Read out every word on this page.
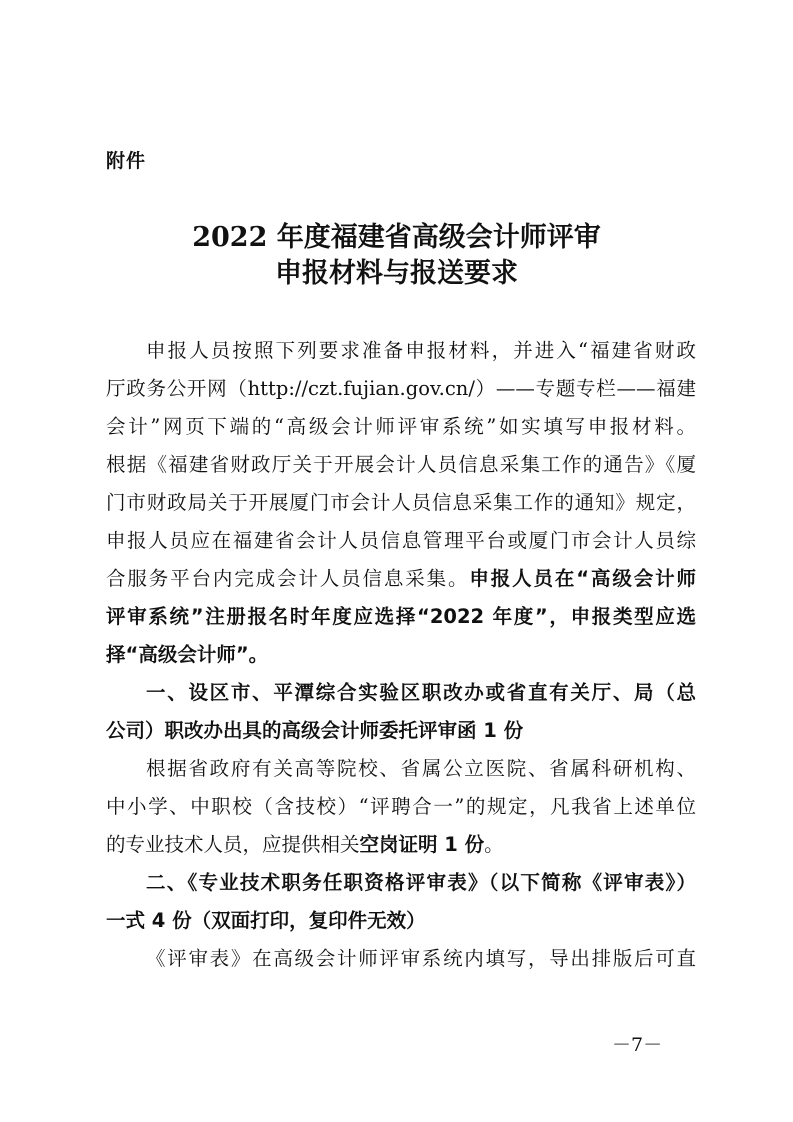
附件
2022 年度福建省高级会计师评审
申报材料与报送要求
申报人员按照下列要求准备申报材料，并进入“福建省财政
厅政务公开网（http://czt.fujian.gov.cn/）——专题专栏——福建
会计”网页下端的“高级会计师评审系统”如实填写申报材料。
根据《福建省财政厅关于开展会计人员信息采集工作的通告》《厦
门市财政局关于开展厦门市会计人员信息采集工作的通知》规定，
申报人员应在福建省会计人员信息管理平台或厦门市会计人员综
合服务平台内完成会计人员信息采集。申报人员在“高级会计师
评审系统”注册报名时年度应选择“2022 年度”，申报类型应选
择“高级会计师”。
一、设区市、平潭综合实验区职改办或省直有关厅、局（总
公司）职改办出具的高级会计师委托评审函 1 份
根据省政府有关高等院校、省属公立医院、省属科研机构、
中小学、中职校（含技校）“评聘合一”的规定，凡我省上述单位
的专业技术人员，应提供相关空岗证明 1 份。
二、《专业技术职务任职资格评审表》（以下简称《评审表》）
一式 4 份（双面打印，复印件无效）
《评审表》在高级会计师评审系统内填写，导出排版后可直
－7－
